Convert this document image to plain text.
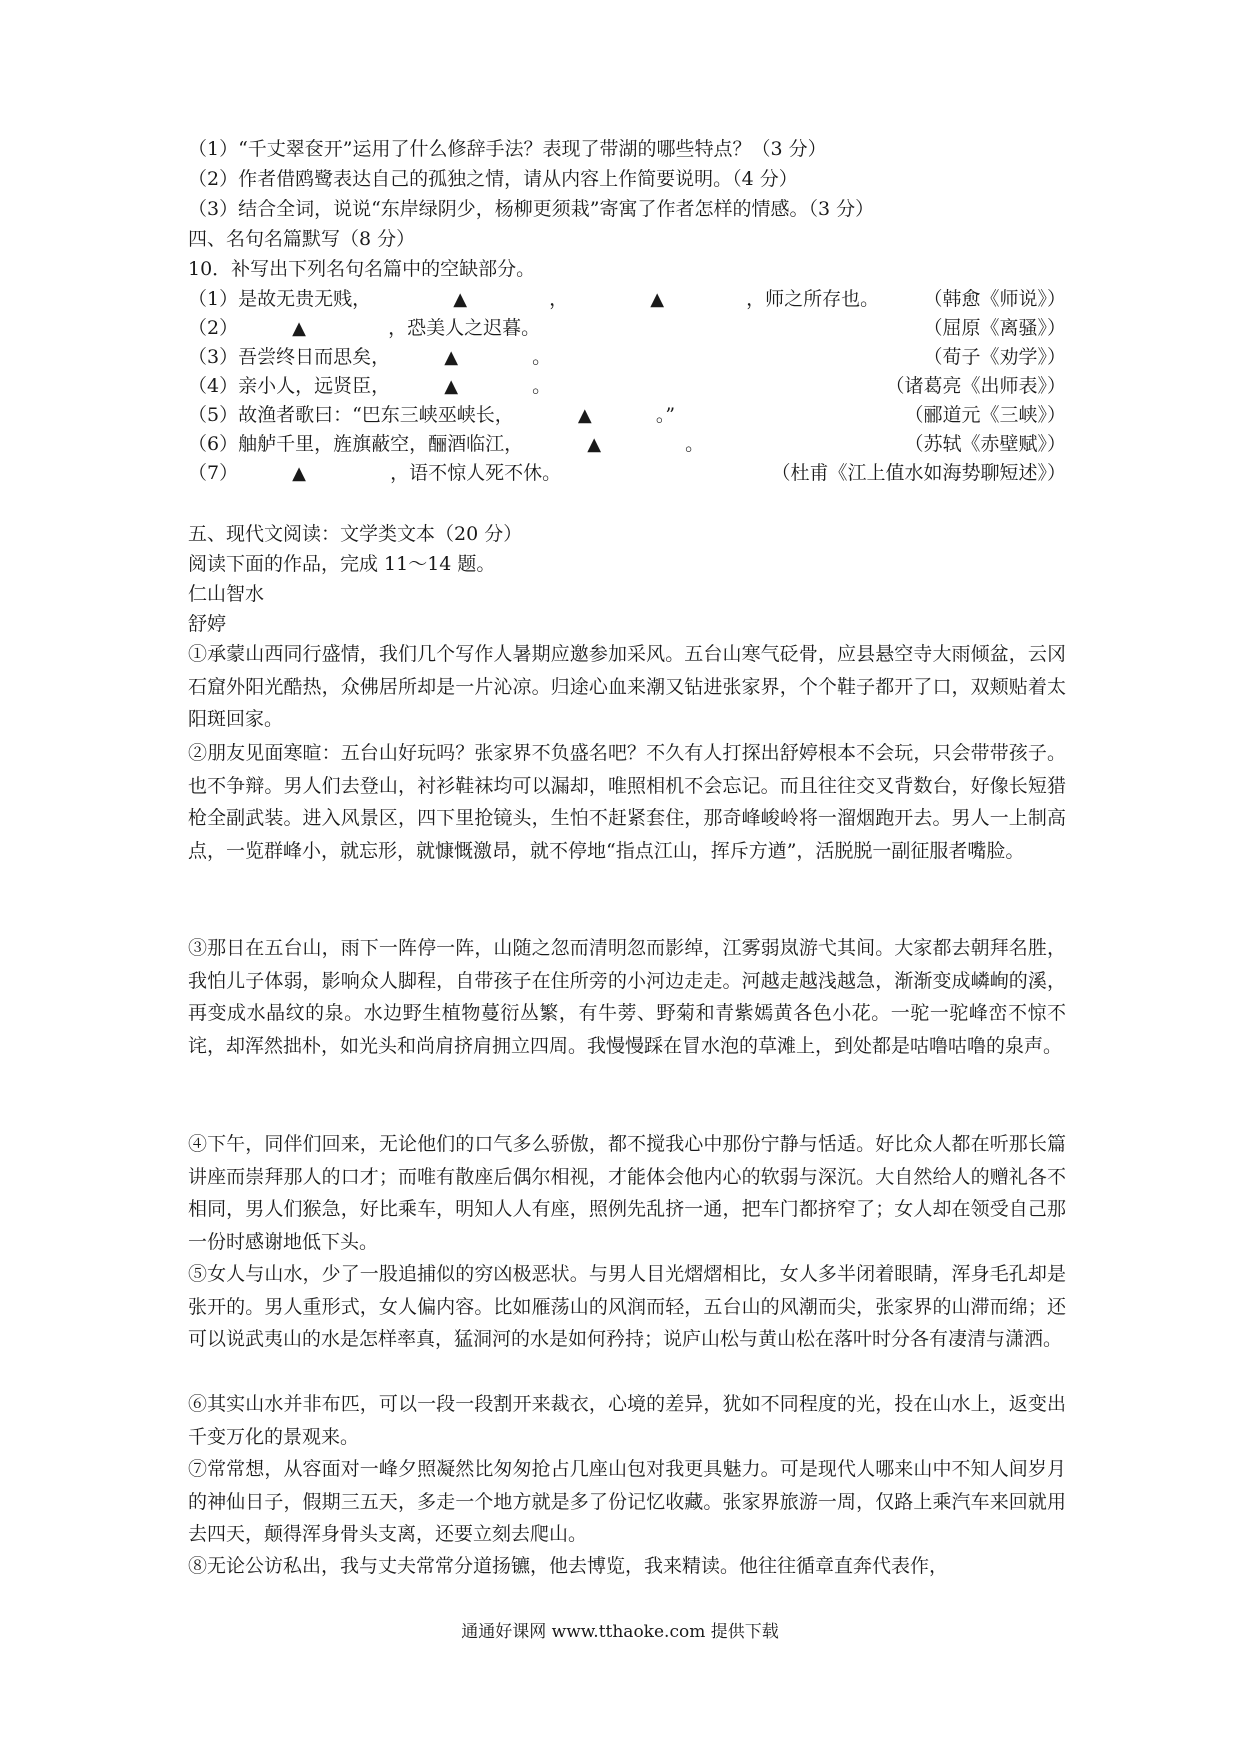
（1）“千丈翠奁开”运用了什么修辞手法？表现了带湖的哪些特点？（3 分）
（2）作者借鸥鹭表达自己的孤独之情，请从内容上作简要说明。（4 分）
（3）结合全词，说说“东岸绿阴少，杨柳更须栽”寄寓了作者怎样的情感。（3 分）
四、名句名篇默写（8 分）
10．补写出下列名句名篇中的空缺部分。
（1）是故无贵无贱，	▲	，	▲	，师之所存也。 （韩愈《师说》）
（2）	▲	，恐美人之迟暮。	（屈原《离骚》）
（3）吾尝终日而思矣，	▲	。	（荀子《劝学》）
（4）亲小人，远贤臣，	▲	。	（诸葛亮《出师表》）
（5）故渔者歌曰：“巴东三峡巫峡长，	▲	。”	（郦道元《三峡》）
（6）舳舻千里，旌旗蔽空，酾酒临江，	▲	。	（苏轼《赤壁赋》）
（7）	▲	，语不惊人死不休。	（杜甫《江上值水如海势聊短述》）
五、现代文阅读：文学类文本（20 分）
阅读下面的作品，完成 11～14 题。
仁山智水
舒婷
①承蒙山西同行盛情，我们几个写作人暑期应邀参加采风。五台山寒气砭骨，应县悬空寺大雨倾盆，云冈石窟外阳光酷热，众佛居所却是一片沁凉。归途心血来潮又钻进张家界，个个鞋子都开了口，双颊贴着太阳斑回家。
②朋友见面寒暄：五台山好玩吗？张家界不负盛名吧？不久有人打探出舒婷根本不会玩，只会带带孩子。也不争辩。男人们去登山，衬衫鞋袜均可以漏却，唯照相机不会忘记。而且往往交叉背数台，好像长短猎枪全副武装。进入风景区，四下里抢镜头，生怕不赶紧套住，那奇峰峻岭将一溜烟跑开去。男人一上制高点，一览群峰小，就忘形，就慷慨激昂，就不停地“指点江山，挥斥方遒”，活脱脱一副征服者嘴脸。
③那日在五台山，雨下一阵停一阵，山随之忽而清明忽而影绰，江雾弱岚游弋其间。大家都去朝拜名胜，我怕儿子体弱，影响众人脚程，自带孩子在住所旁的小河边走走。河越走越浅越急，渐渐变成嶙峋的溪，再变成水晶纹的泉。水边野生植物蔓衍丛繁，有牛蒡、野菊和青紫嫣黄各色小花。一驼一驼峰峦不惊不诧，却浑然拙朴，如光头和尚肩挤肩拥立四周。我慢慢踩在冒水泡的草滩上，到处都是咕噜咕噜的泉声。
④下午，同伴们回来，无论他们的口气多么骄傲，都不搅我心中那份宁静与恬适。好比众人都在听那长篇讲座而崇拜那人的口才；而唯有散座后偶尔相视，才能体会他内心的软弱与深沉。大自然给人的赠礼各不相同，男人们猴急，好比乘车，明知人人有座，照例先乱挤一通，把车门都挤窄了；女人却在领受自己那一份时感谢地低下头。
⑤女人与山水，少了一股追捕似的穷凶极恶状。与男人目光熠熠相比，女人多半闭着眼睛，浑身毛孔却是张开的。男人重形式，女人偏内容。比如雁荡山的风润而轻，五台山的风潮而尖，张家界的山滞而绵；还可以说武夷山的水是怎样率真，猛洞河的水是如何矜持；说庐山松与黄山松在落叶时分各有凄清与潇洒。
⑥其实山水并非布匹，可以一段一段割开来裁衣，心境的差异，犹如不同程度的光，投在山水上，返变出千变万化的景观来。
⑦常常想，从容面对一峰夕照凝然比匆匆抢占几座山包对我更具魅力。可是现代人哪来山中不知人间岁月的神仙日子，假期三五天，多走一个地方就是多了份记忆收藏。张家界旅游一周，仅路上乘汽车来回就用去四天，颠得浑身骨头支离，还要立刻去爬山。
⑧无论公访私出，我与丈夫常常分道扬镳，他去博览，我来精读。他往往循章直奔代表作，
通通好课网 www.tthaoke.com 提供下载
